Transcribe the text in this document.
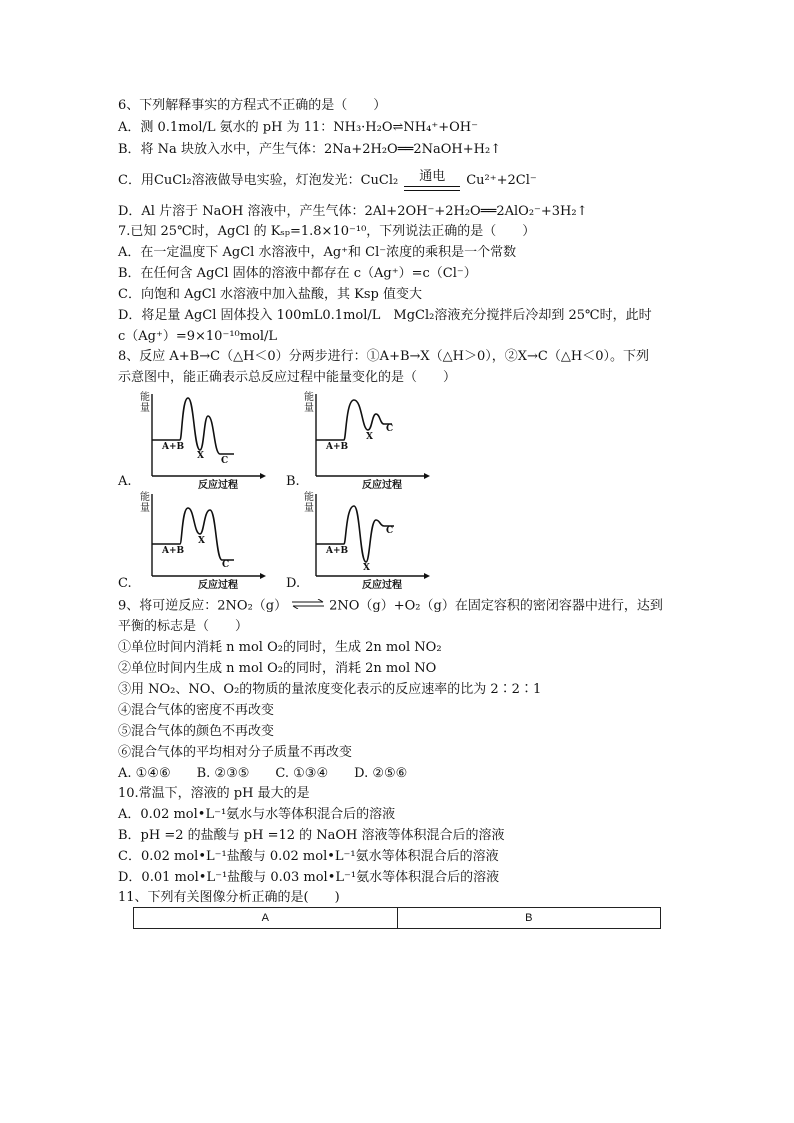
6、下列解释事实的方程式不正确的是（　　）
A．测 0.1mol/L 氨水的 pH 为 11：NH₃·H₂O⇌NH₄⁺+OH⁻
B．将 Na 块放入水中，产生气体：2Na+2H₂O══2NaOH+H₂↑
C．用CuCl₂溶液做导电实验，灯泡发光：CuCl₂	通电	Cu²⁺+2Cl⁻
D．Al 片溶于 NaOH 溶液中，产生气体：2Al+2OH⁻+2H₂O══2AlO₂⁻+3H₂↑
7.已知 25℃时，AgCl 的 Kₛₚ=1.8×10⁻¹⁰，下列说法正确的是（　　）
A．在一定温度下 AgCl 水溶液中，Ag⁺和 Cl⁻浓度的乘积是一个常数
B．在任何含 AgCl 固体的溶液中都存在 c（Ag⁺）=c（Cl⁻）
C．向饱和 AgCl 水溶液中加入盐酸，其 Ksp 值变大
D．将足量 AgCl 固体投入 100mL0.1mol/L　MgCl₂溶液充分搅拌后冷却到 25℃时，此时
c（Ag⁺）=9×10⁻¹⁰mol/L
8、反应 A+B→C（△H＜0）分两步进行：①A+B→X（△H＞0），②X→C（△H＜0）。下列
示意图中，能正确表示总反应过程中能量变化的是（　　）
能量
A+B
X C
反应过程
A.
能量
A+B
X
C
反应过程
B.
能量
A+B
X
C
反应过程
C.
能量
A+B
X
C
反应过程
D.
9、将可逆反应：2NO₂（g） ⇌ 2NO（g）+O₂（g）在固定容积的密闭容器中进行，达到
平衡的标志是（　　）
①单位时间内消耗 n mol O₂的同时，生成 2n mol NO₂
②单位时间内生成 n mol O₂的同时，消耗 2n mol NO
③用 NO₂、NO、O₂的物质的量浓度变化表示的反应速率的比为 2∶2∶1
④混合气体的密度不再改变
⑤混合气体的颜色不再改变
⑥混合气体的平均相对分子质量不再改变
A. ①④⑥　　B. ②③⑤　　C. ①③④　　D. ②⑤⑥
10.常温下，溶液的 pH 最大的是
A．0.02 mol•L⁻¹氨水与水等体积混合后的溶液
B．pH =2 的盐酸与 pH =12 的 NaOH 溶液等体积混合后的溶液
C．0.02 mol•L⁻¹盐酸与 0.02 mol•L⁻¹氨水等体积混合后的溶液
D．0.01 mol•L⁻¹盐酸与 0.03 mol•L⁻¹氨水等体积混合后的溶液
11、下列有关图像分析正确的是(　　)
A	B
